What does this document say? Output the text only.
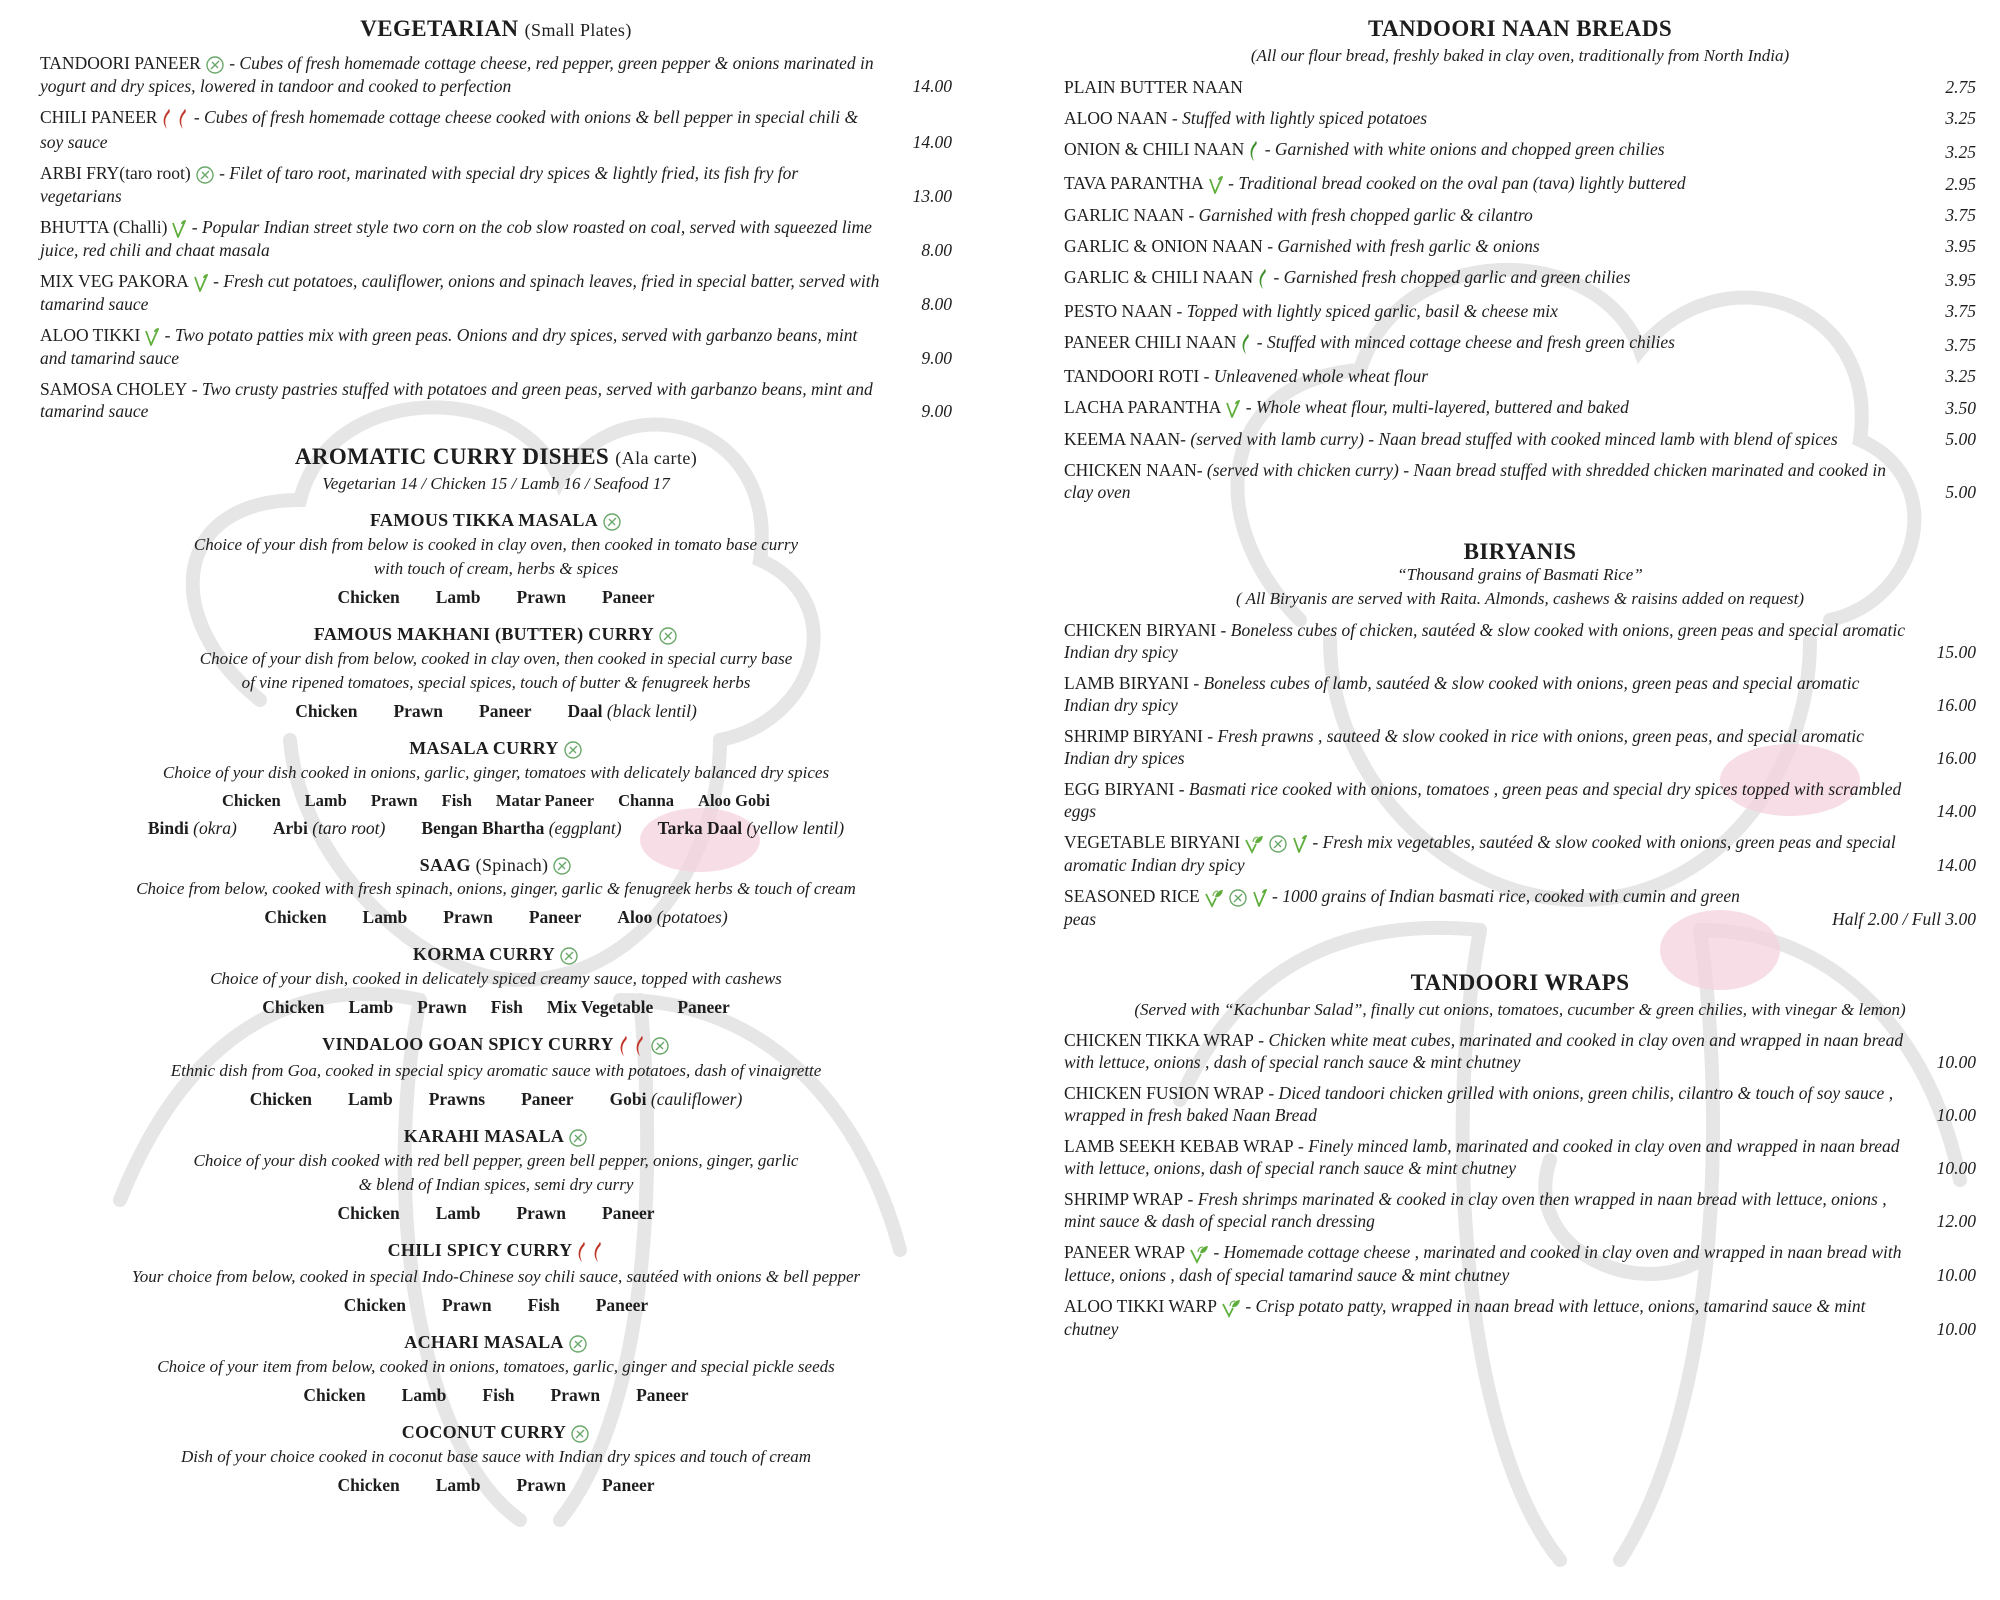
VEGETARIAN (Small Plates)
TANDOORI PANEER
- Cubes of fresh homemade cottage cheese, red pepper, green pepper & onions marinated in yogurt and dry spices, lowered in tandoor and cooked to perfection	14.00
CHILI PANEER
- Cubes of fresh homemade cottage cheese cooked with onions & bell pepper in special chili & soy sauce	14.00
ARBI FRY(taro root)
- Filet of taro root, marinated with special dry spices & lightly fried, its fish fry for vegetarians	13.00
BHUTTA (Challi)
- Popular Indian street style two corn on the cob slow roasted on coal, served with squeezed lime juice, red chili and chaat masala	8.00
MIX VEG PAKORA
- Fresh cut potatoes, cauliflower, onions and spinach leaves, fried in special batter, served with tamarind sauce	8.00
ALOO TIKKI
- Two potato patties mix with green peas. Onions and dry spices, served with garbanzo beans, mint and tamarind sauce	9.00
SAMOSA CHOLEY - Two crusty pastries stuffed with potatoes and green peas, served with garbanzo beans, mint and tamarind sauce	9.00
AROMATIC CURRY DISHES (Ala carte)
Vegetarian 14 / Chicken 15 / Lamb 16 / Seafood 17
FAMOUS TIKKA MASALA
Choice of your dish from below is cooked in clay oven, then cooked in tomato base curry
with touch of cream, herbs & spices
Chicken Lamb Prawn Paneer
FAMOUS MAKHANI (BUTTER) CURRY
Choice of your dish from below, cooked in clay oven, then cooked in special curry base
of vine ripened tomatoes, special spices, touch of butter & fenugreek herbs
Chicken Prawn Paneer Daal (black lentil)
MASALA CURRY
Choice of your dish cooked in onions, garlic, ginger, tomatoes with delicately balanced dry spices
Chicken Lamb Prawn Fish Matar Paneer Channa Aloo Gobi
Bindi (okra) Arbi (taro root) Bengan Bhartha (eggplant) Tarka Daal (yellow lentil)
SAAG (Spinach)
Choice from below, cooked with fresh spinach, onions, ginger, garlic & fenugreek herbs & touch of cream
Chicken Lamb Prawn Paneer Aloo (potatoes)
KORMA CURRY
Choice of your dish, cooked in delicately spiced creamy sauce, topped with cashews
Chicken Lamb Prawn Fish Mix Vegetable Paneer
VINDALOO GOAN SPICY CURRY
Ethnic dish from Goa, cooked in special spicy aromatic sauce with potatoes, dash of vinaigrette
Chicken Lamb Prawns Paneer Gobi (cauliflower)
KARAHI MASALA
Choice of your dish cooked with red bell pepper, green bell pepper, onions, ginger, garlic
& blend of Indian spices, semi dry curry
Chicken Lamb Prawn Paneer
CHILI SPICY CURRY
Your choice from below, cooked in special Indo-Chinese soy chili sauce, sautéed with onions & bell pepper
Chicken Prawn Fish Paneer
ACHARI MASALA
Choice of your item from below, cooked in onions, tomatoes, garlic, ginger and special pickle seeds
Chicken Lamb Fish Prawn Paneer
COCONUT CURRY
Dish of your choice cooked in coconut base sauce with Indian dry spices and touch of cream
Chicken Lamb Prawn Paneer
TANDOORI NAAN BREADS
(All our flour bread, freshly baked in clay oven, traditionally from North India)
PLAIN BUTTER NAAN	2.75
ALOO NAAN - Stuffed with lightly spiced potatoes	3.25
ONION & CHILI NAAN
- Garnished with white onions and chopped green chilies	3.25
TAVA PARANTHA
- Traditional bread cooked on the oval pan (tava) lightly buttered	2.95
GARLIC NAAN - Garnished with fresh chopped garlic & cilantro	3.75
GARLIC & ONION NAAN - Garnished with fresh garlic & onions	3.95
GARLIC & CHILI NAAN
- Garnished fresh chopped garlic and green chilies	3.95
PESTO NAAN - Topped with lightly spiced garlic, basil & cheese mix	3.75
PANEER CHILI NAAN
- Stuffed with minced cottage cheese and fresh green chilies	3.75
TANDOORI ROTI - Unleavened whole wheat flour	3.25
LACHA PARANTHA
- Whole wheat flour, multi-layered, buttered and baked	3.50
KEEMA NAAN- (served with lamb curry) - Naan bread stuffed with cooked minced lamb with blend of spices	5.00
CHICKEN NAAN- (served with chicken curry) - Naan bread stuffed with shredded chicken marinated and cooked in clay oven	5.00
BIRYANIS
“Thousand grains of Basmati Rice”
( All Biryanis are served with Raita. Almonds, cashews & raisins added on request)
CHICKEN BIRYANI - Boneless cubes of chicken, sautéed & slow cooked with onions, green peas and special aromatic Indian dry spicy	15.00
LAMB BIRYANI - Boneless cubes of lamb, sautéed & slow cooked with onions, green peas and special aromatic Indian dry spicy	16.00
SHRIMP BIRYANI - Fresh prawns , sauteed & slow cooked in rice with onions, green peas, and special aromatic Indian dry spices	16.00
EGG BIRYANI - Basmati rice cooked with onions, tomatoes , green peas and special dry spices topped with scrambled eggs	14.00
VEGETABLE BIRYANI	- Fresh mix vegetables, sautéed & slow cooked with onions, green peas and special aromatic Indian dry spicy	14.00
SEASONED RICE	- 1000 grains of Indian basmati rice, cooked with cumin and green peas	Half 2.00 / Full 3.00
TANDOORI WRAPS
(Served with “Kachunbar Salad”, finally cut onions, tomatoes, cucumber & green chilies, with vinegar & lemon)
CHICKEN TIKKA WRAP - Chicken white meat cubes, marinated and cooked in clay oven and wrapped in naan bread with lettuce, onions , dash of special ranch sauce & mint chutney	10.00
CHICKEN FUSION WRAP - Diced tandoori chicken grilled with onions, green chilis, cilantro & touch of soy sauce , wrapped in fresh baked Naan Bread	10.00
LAMB SEEKH KEBAB WRAP - Finely minced lamb, marinated and cooked in clay oven and wrapped in naan bread with lettuce, onions, dash of special ranch sauce & mint chutney	10.00
SHRIMP WRAP - Fresh shrimps marinated & cooked in clay oven then wrapped in naan bread with lettuce, onions , mint sauce & dash of special ranch dressing	12.00
PANEER WRAP
- Homemade cottage cheese , marinated and cooked in clay oven and wrapped in naan bread with lettuce, onions , dash of special tamarind sauce & mint chutney	10.00
ALOO TIKKI WARP
- Crisp potato patty, wrapped in naan bread with lettuce, onions, tamarind sauce & mint chutney	10.00
